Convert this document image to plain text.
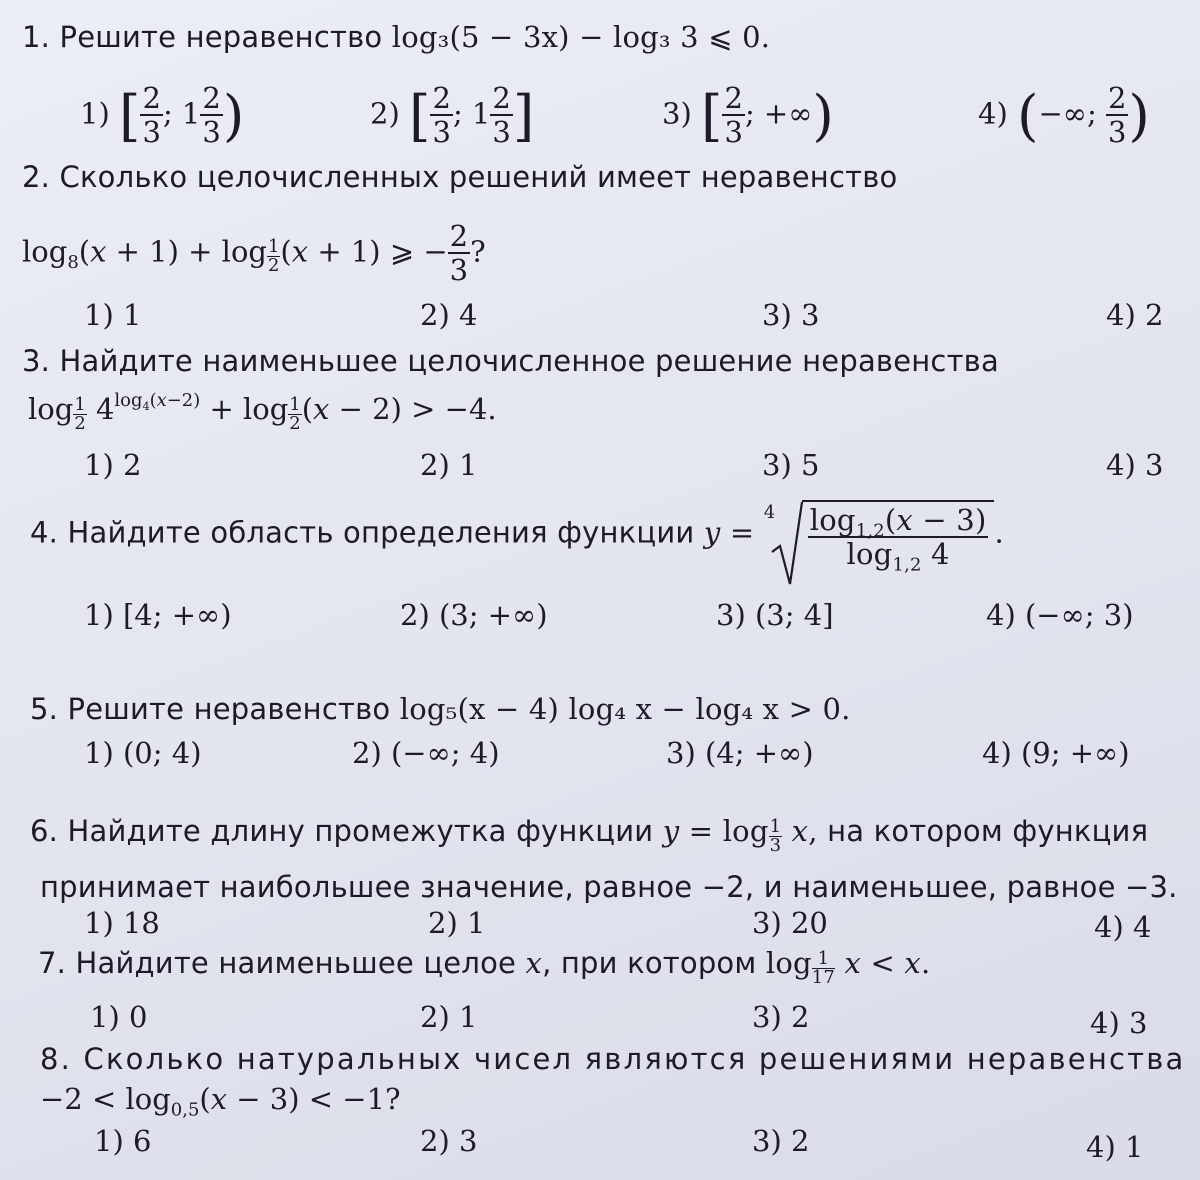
1. Решите неравенство log₃(5 − 3x) − log₃ 3 ⩽ 0.
1) [ $\frac{2}{3}$ ; $1 \frac{2}{3}$ )	2) [ $\frac{2}{3}$ ; $1 \frac{2}{3}$ ]	3) [ $\frac{2}{3}$ ; +∞)	4) (−∞; $\frac{2}{3}$ )
2. Сколько целочисленных решений имеет неравенство
$\log_8(x + 1) + \log \frac{1}{2} (x + 1)$ ⩾ − $\frac{2}{3}$ ?
1) 1	2) 4	3) 3	4) 2
3. Найдите наименьшее целочисленное решение неравенства
$\log \frac{1}{2} 4^{log_4(x-2)} + \log \frac{1}{2} (x - 2) > -4$.
1) 2	2) 1	3) 5	4) 3
4. Найдите область определения функции y =
$4 \frac{\log_{1,2}(x - 3)}{\log_{1,2} 4}$ .
1) [4; +∞)	2) (3; +∞)	3) (3; 4]	4) (−∞; 3)
5. Решите неравенство log₅(x − 4) log₄ x − log₄ x > 0.
1) (0; 4)	2) (−∞; 4)	3) (4; +∞)	4) (9; +∞)
6. Найдите длину промежутка функции $y = \log \frac{1}{3} x$, на котором функция
принимает наибольшее значение, равное −2, и наименьшее, равное −3.
1) 18	2) 1	3) 20	4) 4
7. Найдите наименьшее целое x, при котором $\log \frac{1}{17}$ x < x.
1) 0	2) 1	3) 2	4) 3
8. Сколько натуральных чисел являются решениями неравенства
$-2 < \log_{0,5}(x - 3) < -1$?
1) 6	2) 3	3) 2	4) 1
